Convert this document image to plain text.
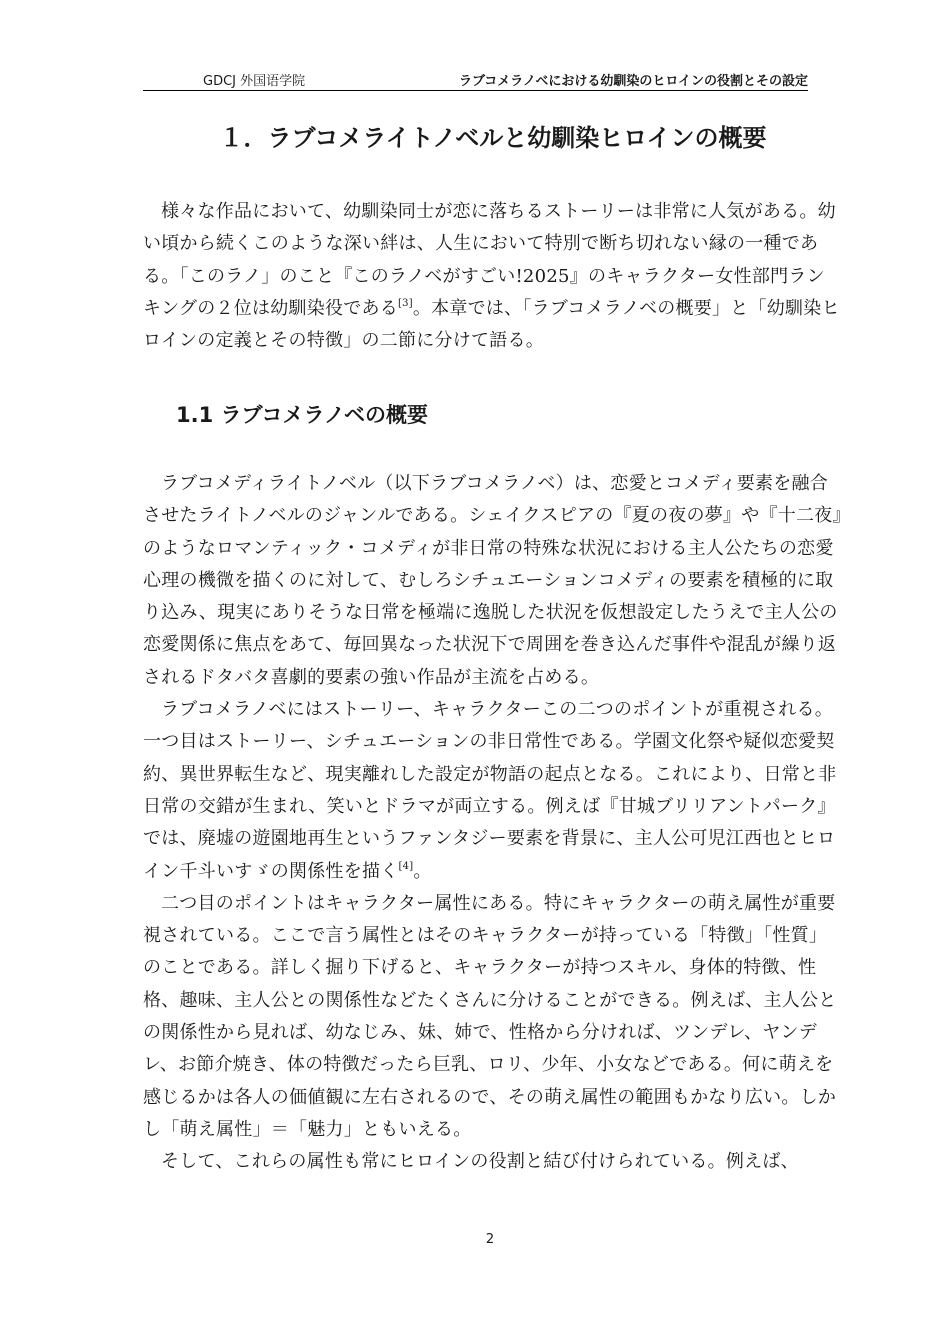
GDCJ 外国语学院	ラブコメラノベにおける幼馴染のヒロインの役割とその設定
１．ラブコメライトノベルと幼馴染ヒロインの概要

様々な作品において、幼馴染同士が恋に落ちるストーリーは非常に人気がある。幼い頃から続くこのような深い絆は、人生において特別で断ち切れない縁の一種である。「このラノ」のこと『このラノベがすごい!2025』のキャラクター女性部門ランキングの２位は幼馴染役である[3]。本章では、「ラブコメラノベの概要」と「幼馴染ヒロインの定義とその特徴」の二節に分けて語る。

1.1 ラブコメラノベの概要

ラブコメディライトノベル（以下ラブコメラノベ）は、恋愛とコメディ要素を融合させたライトノベルのジャンルである。シェイクスピアの『夏の夜の夢』や『十二夜』のようなロマンティック・コメディが非日常の特殊な状況における主人公たちの恋愛心理の機微を描くのに対して、むしろシチュエーションコメディの要素を積極的に取り込み、現実にありそうな日常を極端に逸脱した状況を仮想設定したうえで主人公の恋愛関係に焦点をあて、毎回異なった状況下で周囲を巻き込んだ事件や混乱が繰り返されるドタバタ喜劇的要素の強い作品が主流を占める。

ラブコメラノベにはストーリー、キャラクターこの二つのポイントが重視される。一つ目はストーリー、シチュエーションの非日常性である。学園文化祭や疑似恋愛契約、異世界転生など、現実離れした設定が物語の起点となる。これにより、日常と非日常の交錯が生まれ、笑いとドラマが両立する。例えば『甘城ブリリアントパーク』では、廃墟の遊園地再生というファンタジー要素を背景に、主人公可児江西也とヒロイン千斗いすゞの関係性を描く[4]。

二つ目のポイントはキャラクター属性にある。特にキャラクターの萌え属性が重要視されている。ここで言う属性とはそのキャラクターが持っている「特徴」「性質」のことである。詳しく掘り下げると、キャラクターが持つスキル、身体的特徴、性格、趣味、主人公との関係性などたくさんに分けることができる。例えば、主人公との関係性から見れば、幼なじみ、妹、姉で、性格から分ければ、ツンデレ、ヤンデレ、お節介焼き、体の特徴だったら巨乳、ロリ、少年、小女などである。何に萌えを感じるかは各人の価値観に左右されるので、その萌え属性の範囲もかなり広い。しかし「萌え属性」＝「魅力」ともいえる。

そして、これらの属性も常にヒロインの役割と結び付けられている。例えば、

2
